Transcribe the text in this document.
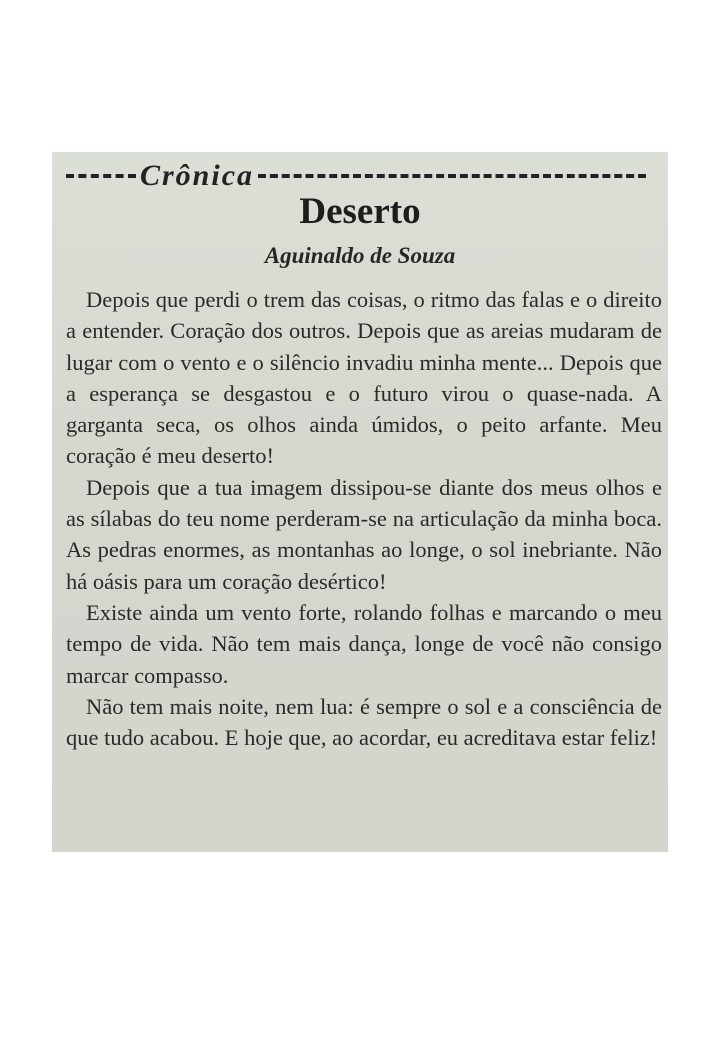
Crônica
Deserto
Aguinaldo de Souza

Depois que perdi o trem das coisas, o ritmo das falas e o direito a entender. Coração dos outros. Depois que as areias mudaram de lugar com o vento e o silêncio invadiu minha mente... Depois que a esperança se desgastou e o futuro virou o quase-nada. A garganta seca, os olhos ainda úmidos, o peito arfante. Meu coração é meu deserto!

Depois que a tua imagem dissipou-se diante dos meus olhos e as sílabas do teu nome perderam-se na articulação da minha boca. As pedras enormes, as montanhas ao longe, o sol inebriante. Não há oásis para um coração desértico!

Existe ainda um vento forte, rolando folhas e marcando o meu tempo de vida. Não tem mais dança, longe de você não consigo marcar compasso.

Não tem mais noite, nem lua: é sempre o sol e a consciência de que tudo acabou. E hoje que, ao acordar, eu acreditava estar feliz!
